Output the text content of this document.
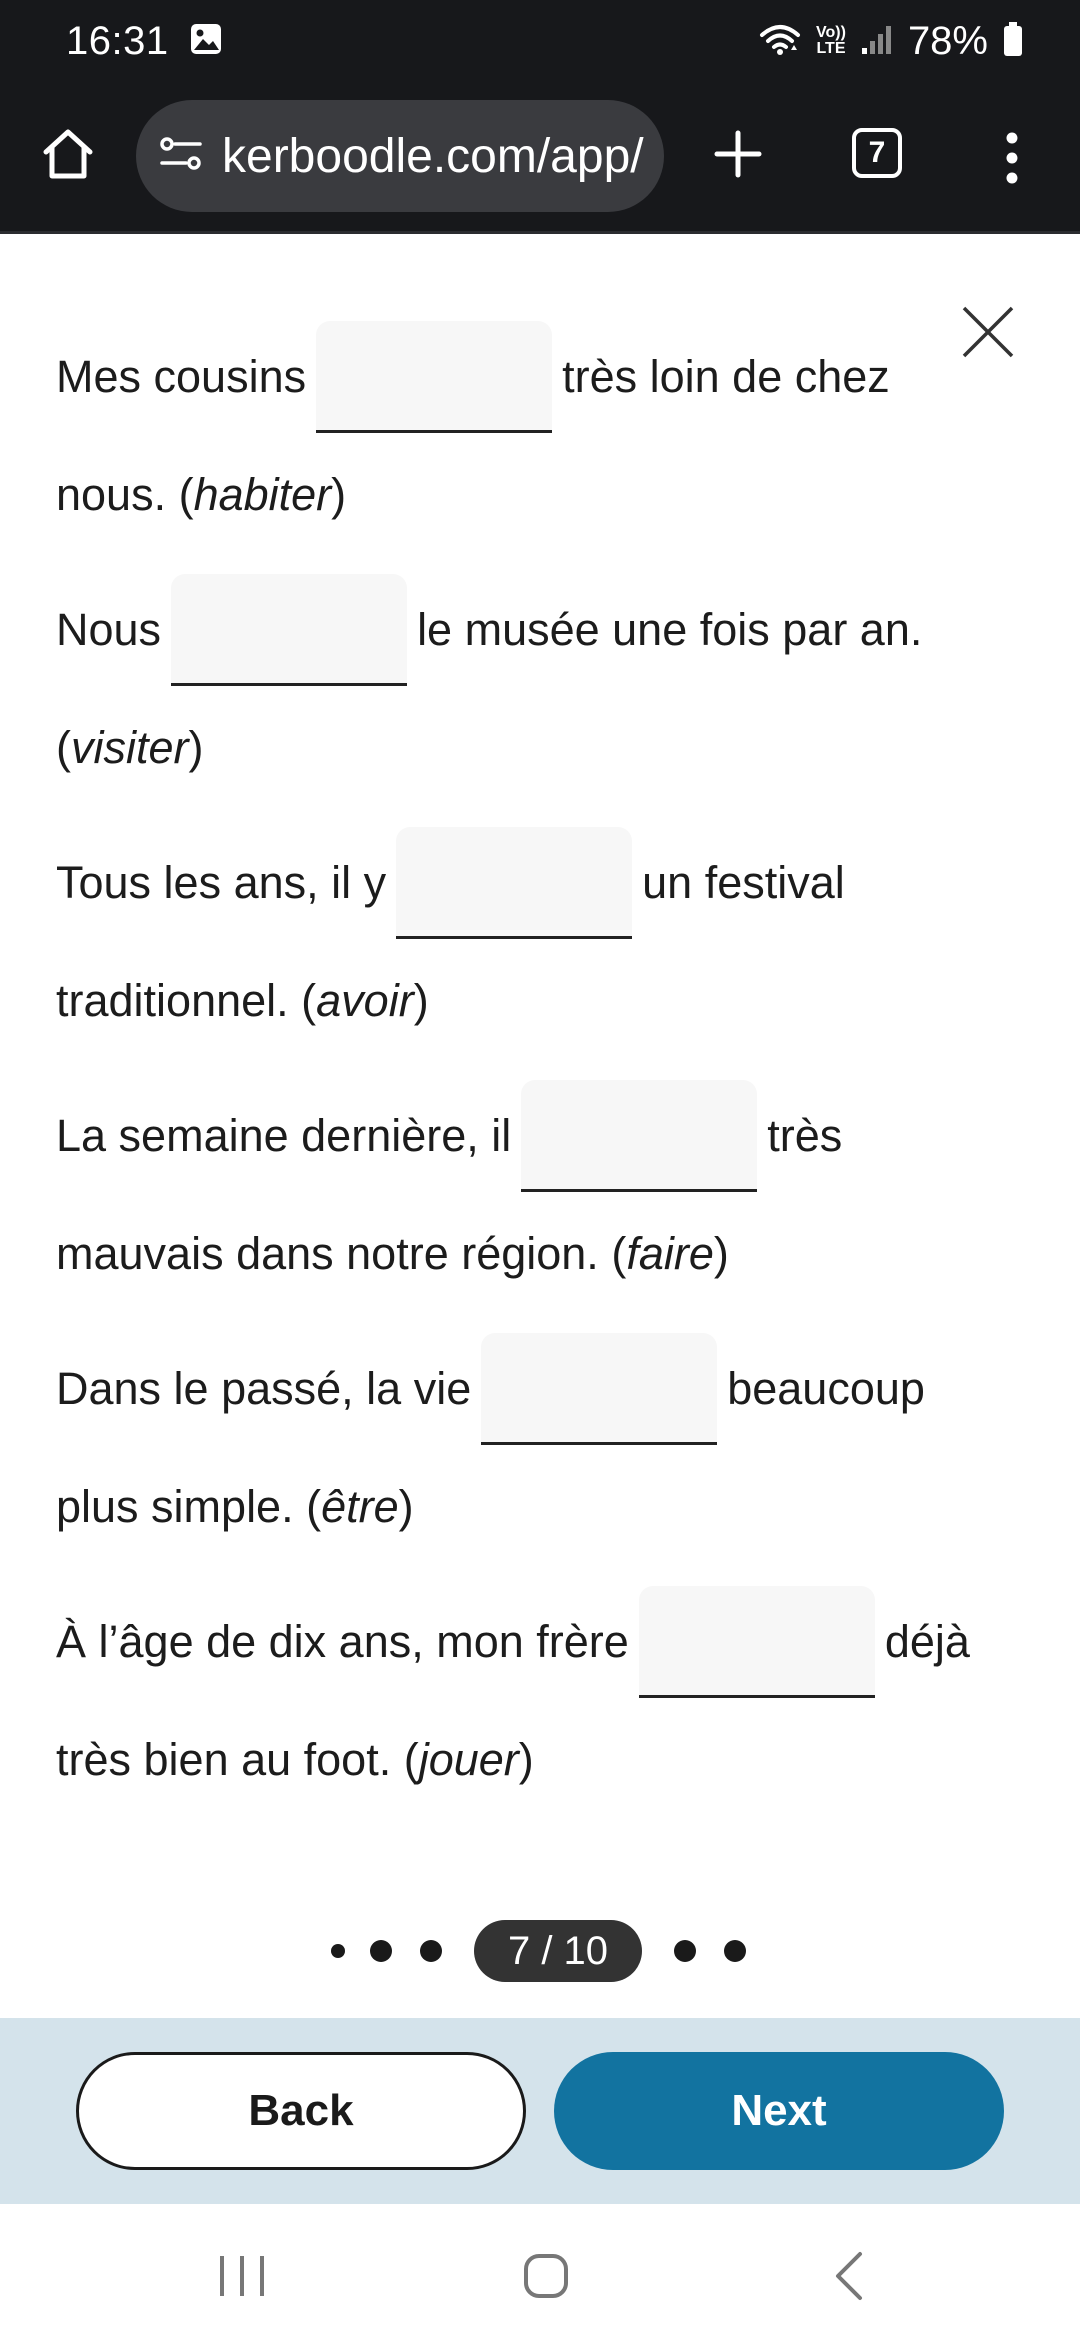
16:31	Vo))
LTE 78%
kerboodle.com/app/	7
Mes cousins	très loin de chez
nous. ( habiter )
Nous	le musée une fois par an.
( visiter )
Tous les ans, il y	un festival
traditionnel. ( avoir )
La semaine dernière, il	très
mauvais dans notre région. ( faire )
Dans le passé, la vie	beaucoup
plus simple. ( être )
À l’âge de dix ans, mon frère	déjà
très bien au foot. ( jouer )
7 / 10
Back	Next
